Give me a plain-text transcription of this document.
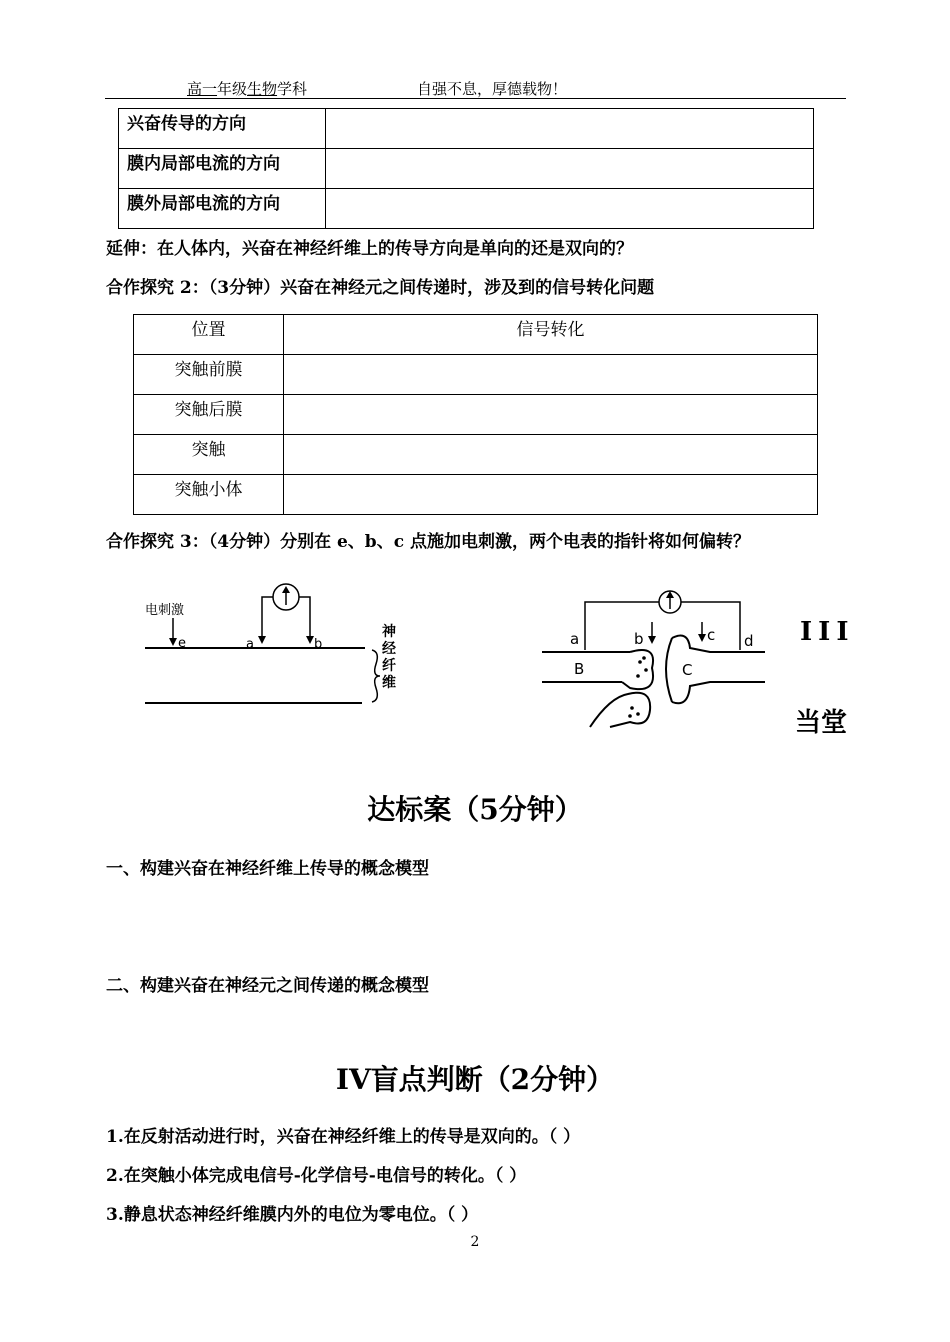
高一年级生物学科	自强不息，厚德载物！
兴奋传导的方向	
膜内局部电流的方向	
膜外局部电流的方向	
延伸：在人体内，兴奋在神经纤维上的传导方向是单向的还是双向的？
合作探究 2：（3分钟）兴奋在神经元之间传递时，涉及到的信号转化问题
位置	信号转化
突触前膜	
突触后膜	
突触	
突触小体	
合作探究 3：（4分钟）分别在 e、b、c 点施加电刺激，两个电表的指针将如何偏转？
电刺激
e	a	b
神经纤维
a	b	c d
B	C
III
当堂
达标案（5分钟）
一、构建兴奋在神经纤维上传导的概念模型
二、构建兴奋在神经元之间传递的概念模型
IV盲点判断（2分钟）
1.在反射活动进行时，兴奋在神经纤维上的传导是双向的。（ ）
2.在突触小体完成电信号-化学信号-电信号的转化。（ ）
3.静息状态神经纤维膜内外的电位为零电位。（ ）
2
